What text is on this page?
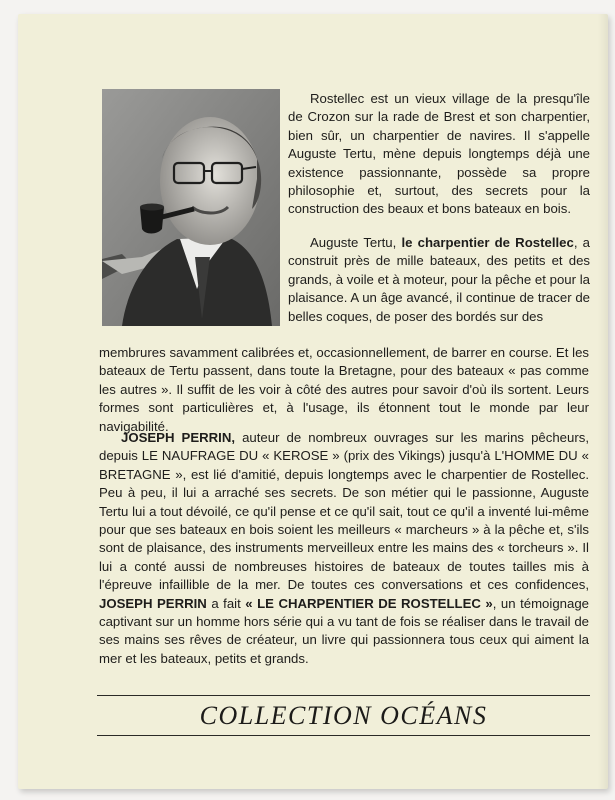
Rostellec est un vieux village de la presqu'île de Crozon sur la rade de Brest et son charpentier, bien sûr, un charpentier de navires. Il s'appelle Auguste Tertu, mène depuis longtemps déjà une existence passionnante, possède sa propre philosophie et, surtout, des secrets pour la construction des beaux et bons bateaux en bois.
Auguste Tertu, le charpentier de Rostellec, a construit près de mille bateaux, des petits et des grands, à voile et à moteur, pour la pêche et pour la plaisance. A un âge avancé, il continue de tracer de belles coques, de poser des bordés sur des
membrures savamment calibrées et, occasionnellement, de barrer en course. Et les bateaux de Tertu passent, dans toute la Bretagne, pour des bateaux « pas comme les autres ». Il suffit de les voir à côté des autres pour savoir d'où ils sortent. Leurs formes sont particulières et, à l'usage, ils étonnent tout le monde par leur navigabilité.
JOSEPH PERRIN, auteur de nombreux ouvrages sur les marins pêcheurs, depuis LE NAUFRAGE DU « KEROSE » (prix des Vikings) jusqu'à L'HOMME DU « BRETAGNE », est lié d'amitié, depuis longtemps avec le charpentier de Rostellec. Peu à peu, il lui a arraché ses secrets. De son métier qui le passionne, Auguste Tertu lui a tout dévoilé, ce qu'il pense et ce qu'il sait, tout ce qu'il a inventé lui-même pour que ses bateaux en bois soient les meilleurs « marcheurs » à la pêche et, s'ils sont de plaisance, des instruments merveilleux entre les mains des « torcheurs ». Il lui a conté aussi de nombreuses histoires de bateaux de toutes tailles mis à l'épreuve infaillible de la mer. De toutes ces conversations et ces confidences, JOSEPH PERRIN a fait « LE CHARPENTIER DE ROSTELLEC », un témoignage captivant sur un homme hors série qui a vu tant de fois se réaliser dans le travail de ses mains ses rêves de créateur, un livre qui passionnera tous ceux qui aiment la mer et les bateaux, petits et grands.
COLLECTION OCÉANS
